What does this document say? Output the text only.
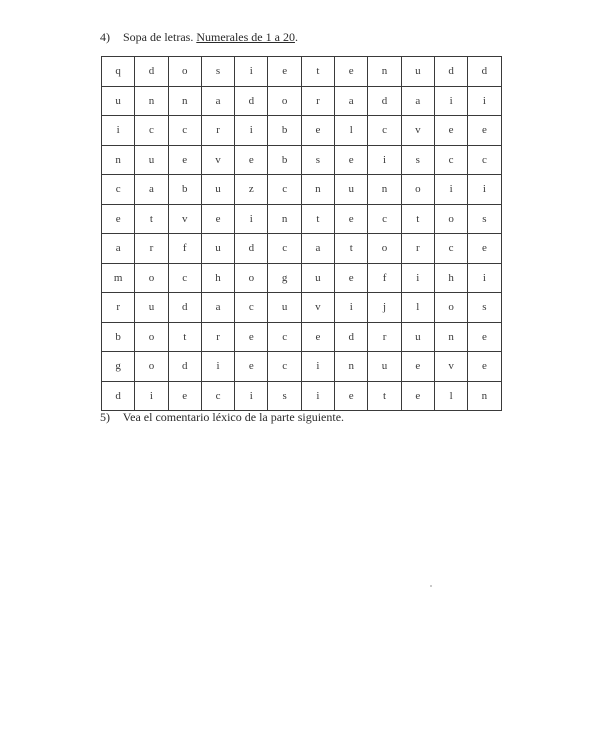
4) Sopa de letras. Numerales de 1 a 20.
q	d	o	s	i	e	t	e	n	u	d	d
u	n	n	a	d	o	r	a	d	a	i	i
i	c	c	r	i	b	e	l	c	v	e	e
n	u	e	v	e	b	s	e	i	s	c	c
c	a	b	u	z	c	n	u	n	o	i	i
e	t	v	e	i	n	t	e	c	t	o	s
a	r	f	u	d	c	a	t	o	r	c	e
m	o	c	h	o	g	u	e	f	i	h	i
r	u	d	a	c	u	v	i	j	l	o	s
b	o	t	r	e	c	e	d	r	u	n	e
g	o	d	i	e	c	i	n	u	e	v	e
d	i	e	c	i	s	i	e	t	e	l	n
5) Vea el comentario léxico de la parte siguiente.
